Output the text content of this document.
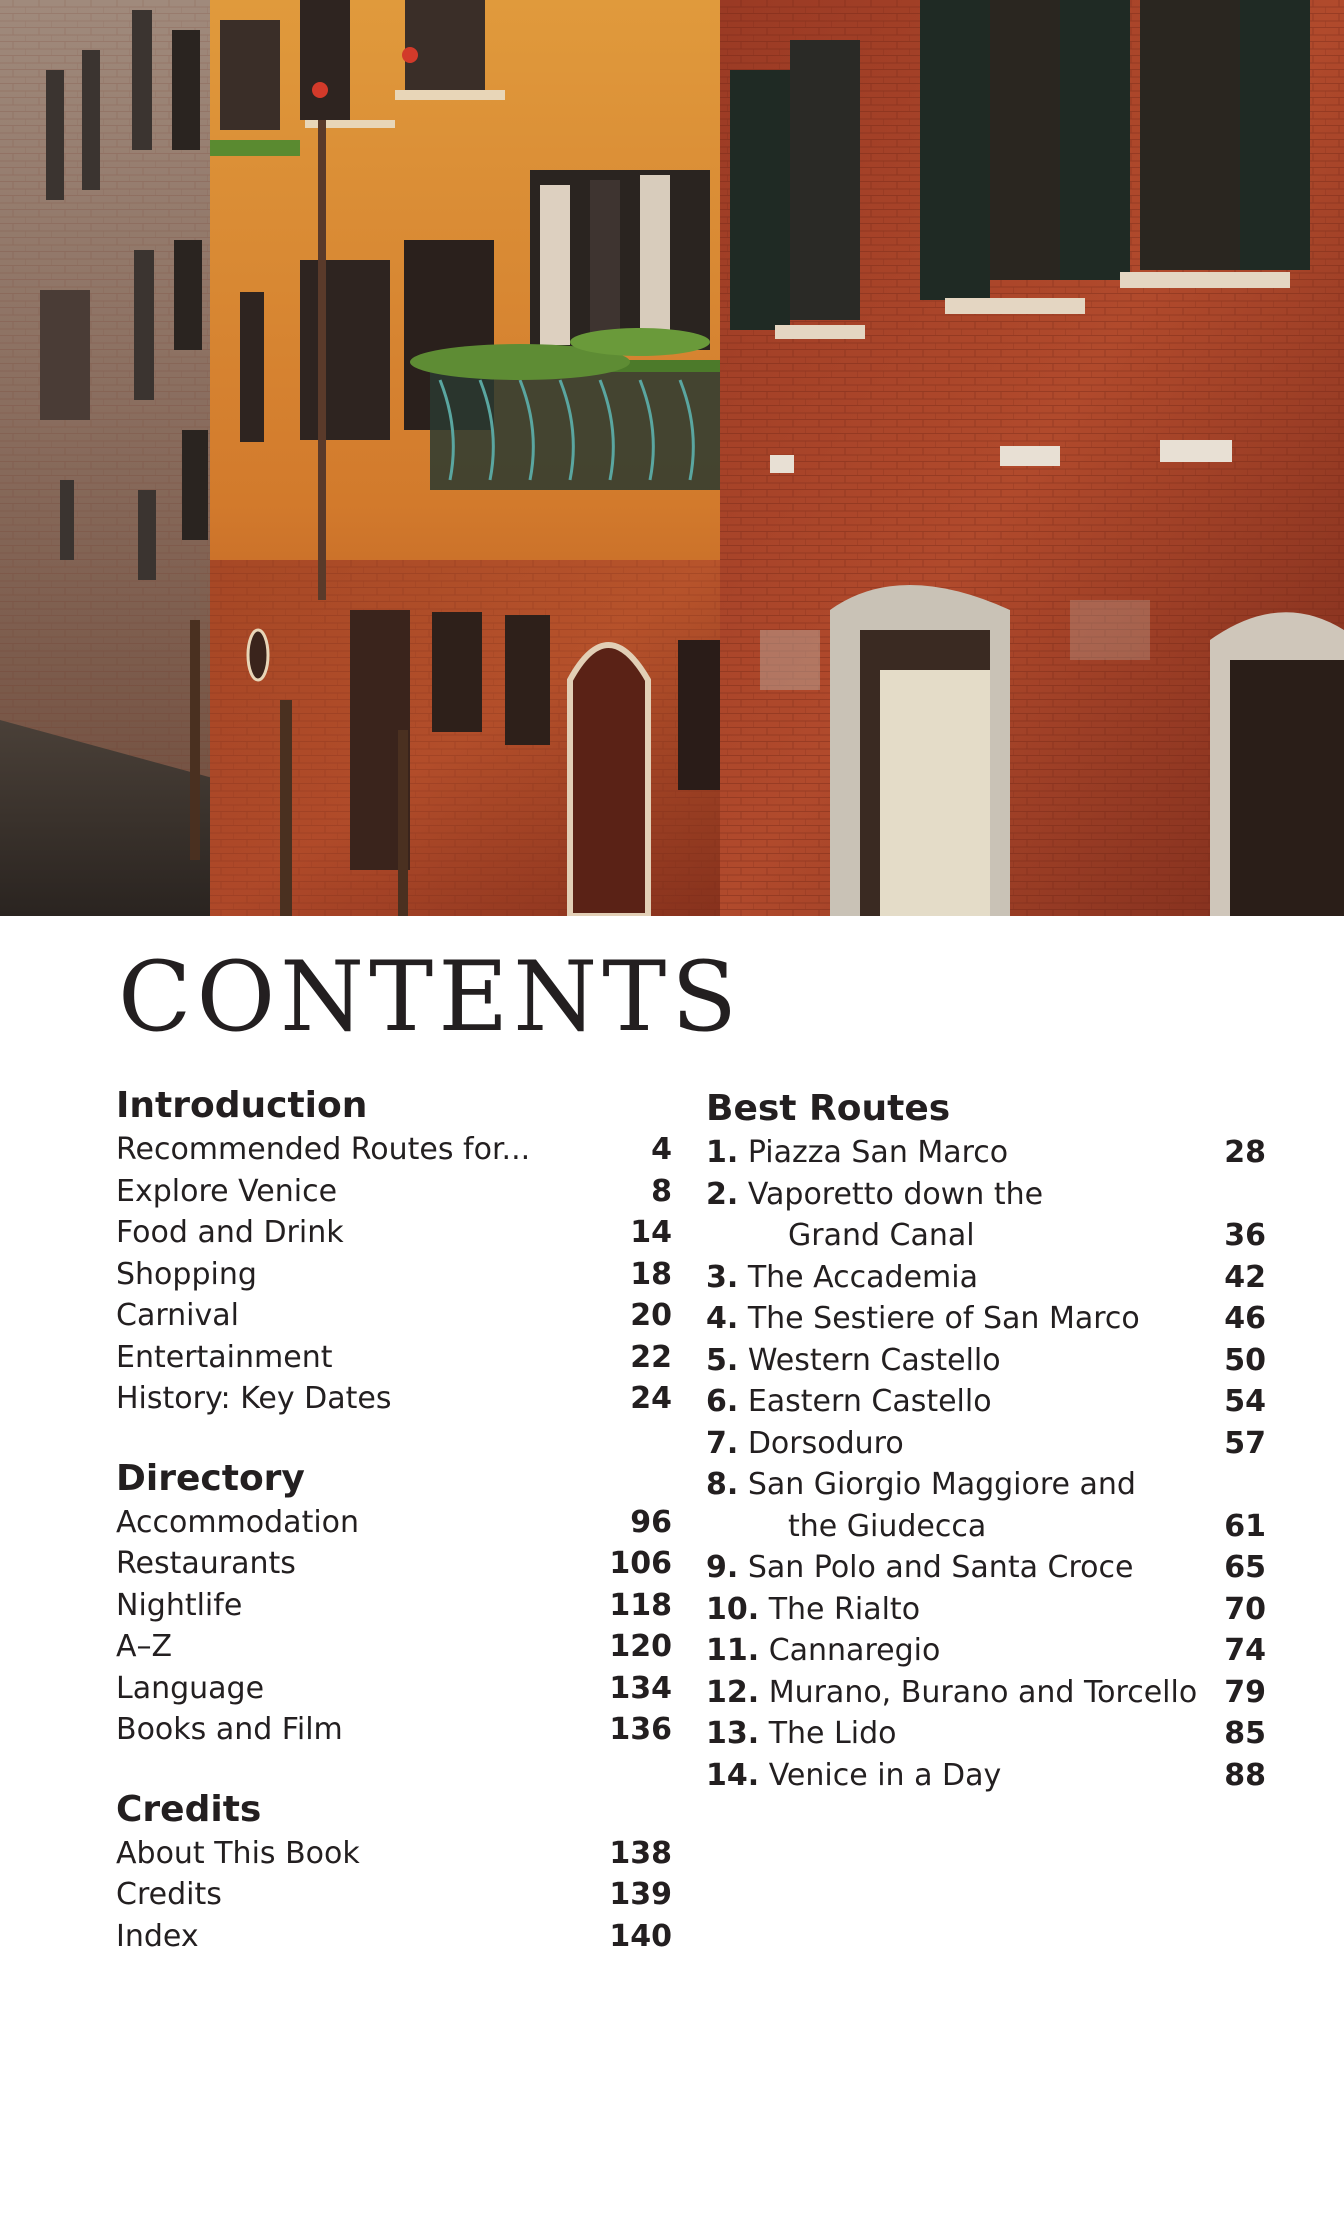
CONTENTS
Introduction
Recommended Routes for...	4
Explore Venice	8
Food and Drink	14
Shopping	18
Carnival	20
Entertainment	22
History: Key Dates	24
Directory
Accommodation	96
Restaurants	106
Nightlife	118
A–Z	120
Language	134
Books and Film	136
Credits
About This Book	138
Credits	139
Index	140
Best Routes
1. Piazza San Marco	28
2. Vaporetto down the
Grand Canal	36
3. The Accademia	42
4. The Sestiere of San Marco	46
5. Western Castello	50
6. Eastern Castello	54
7. Dorsoduro	57
8. San Giorgio Maggiore and
the Giudecca	61
9. San Polo and Santa Croce	65
10. The Rialto	70
11. Cannaregio	74
12. Murano, Burano and Torcello 79
13. The Lido	85
14. Venice in a Day	88
